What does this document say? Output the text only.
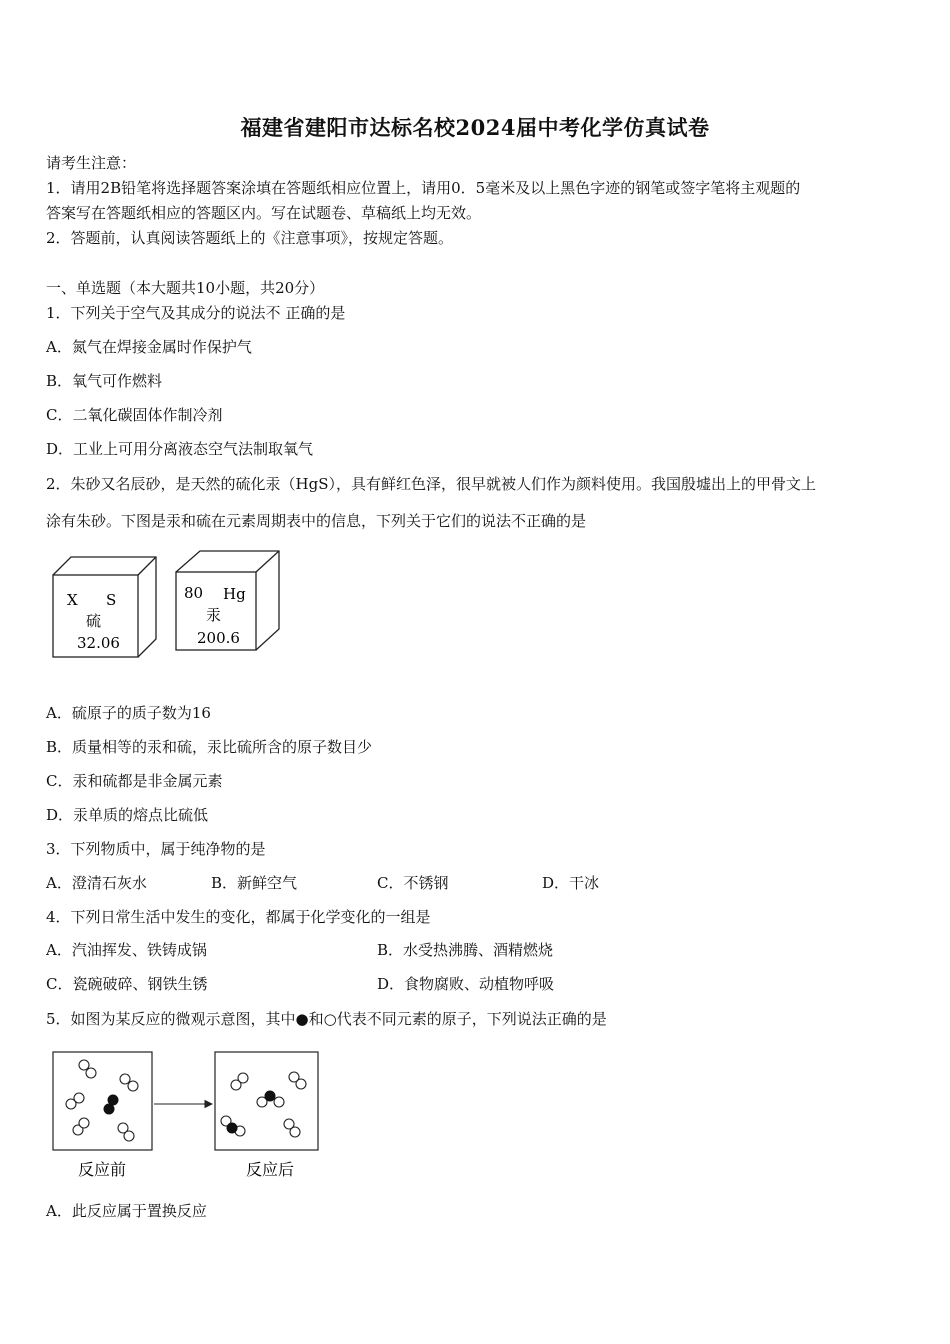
福建省建阳市达标名校2024届中考化学仿真试卷
请考生注意：
1．请用2B铅笔将选择题答案涂填在答题纸相应位置上，请用0．5毫米及以上黑色字迹的钢笔或签字笔将主观题的
答案写在答题纸相应的答题区内。写在试题卷、草稿纸上均无效。
2．答题前，认真阅读答题纸上的《注意事项》，按规定答题。
一、单选题（本大题共10小题，共20分）
1．下列关于空气及其成分的说法不 正确的是
A．氮气在焊接金属时作保护气
B．氧气可作燃料
C．二氧化碳固体作制冷剂
D．工业上可用分离液态空气法制取氧气
2．朱砂又名辰砂，是天然的硫化汞（HgS），具有鲜红色泽，很早就被人们作为颜料使用。我国殷墟出上的甲骨文上
涂有朱砂。下图是汞和硫在元素周期表中的信息，下列关于它们的说法不正确的是
X S
硫
32.06
80 Hg
汞
200.6
A．硫原子的质子数为16
B．质量相等的汞和硫，汞比硫所含的原子数目少
C．汞和硫都是非金属元素
D．汞单质的熔点比硫低
3．下列物质中，属于纯净物的是
A．澄清石灰水	B．新鲜空气	C．不锈钢	D．干冰
4．下列日常生活中发生的变化，都属于化学变化的一组是
A．汽油挥发、铁铸成锅	B．水受热沸腾、酒精燃烧
C．瓷碗破碎、钢铁生锈	D．食物腐败、动植物呼吸
5．如图为某反应的微观示意图，其中●和○代表不同元素的原子，下列说法正确的是
反应前	反应后
A．此反应属于置换反应
